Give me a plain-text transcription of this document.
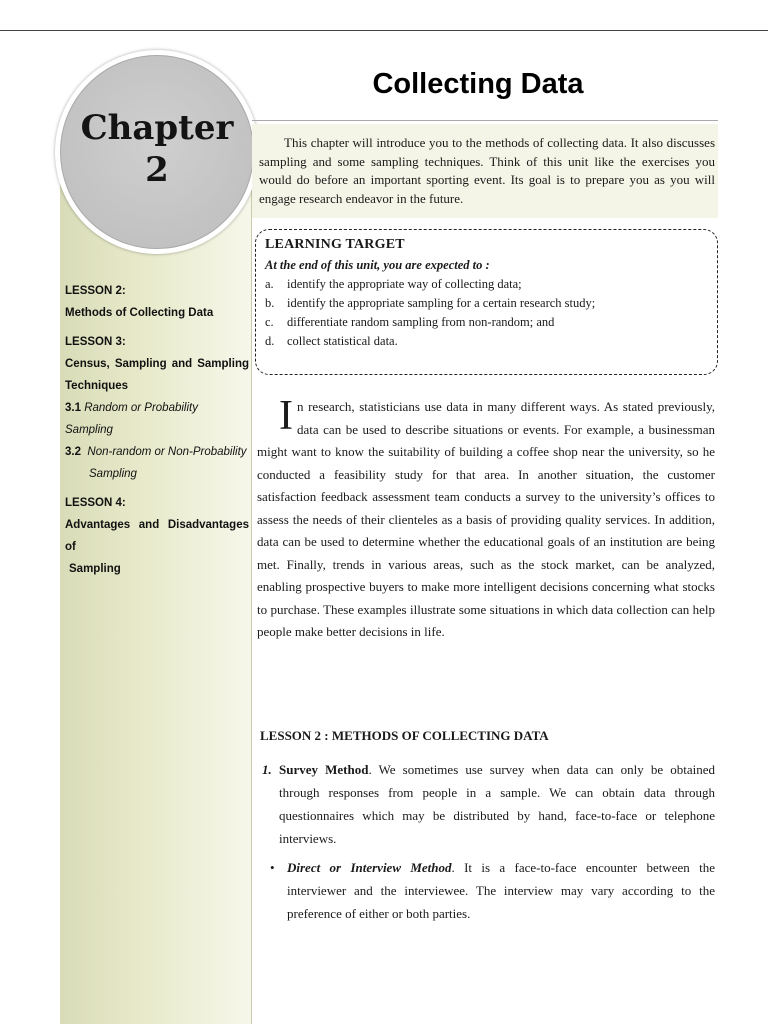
Chapter
2
LESSON 2:
Methods of Collecting Data
LESSON 3:
Census, Sampling and Sampling
Techniques
3.1 Random or Probability Sampling
3.2 Non-random or Non-Probability
Sampling
LESSON 4:
Advantages and Disadvantages of
Sampling
Collecting Data

This chapter will introduce you to the methods of collecting data. It also discusses sampling and some sampling techniques. Think of this unit like the exercises you would do before an important sporting event. Its goal is to prepare you as you will engage research endeavor in the future.

LEARNING TARGET
At the end of this unit, you are expected to :
a. identify the appropriate way of collecting data;
b. identify the appropriate sampling for a certain research study;
c. differentiate random sampling from non-random; and
d. collect statistical data.

In research, statisticians use data in many different ways. As stated previously, data can be used to describe situations or events. For example, a businessman might want to know the suitability of building a coffee shop near the university, so he conducted a feasibility study for that area. In another situation, the customer satisfaction feedback assessment team conducts a survey to the university’s offices to assess the needs of their clienteles as a basis of providing quality services. In addition, data can be used to determine whether the educational goals of an institution are being met. Finally, trends in various areas, such as the stock market, can be analyzed, enabling prospective buyers to make more intelligent decisions concerning what stocks to purchase. These examples illustrate some situations in which data collection can help people make better decisions in life.

LESSON 2 : METHODS OF COLLECTING DATA
1. Survey Method. We sometimes use survey when data can only be obtained through responses from people in a sample. We can obtain data through questionnaires which may be distributed by hand, face-to-face or telephone interviews.
• Direct or Interview Method. It is a face-to-face encounter between the interviewer and the interviewee. The interview may vary according to the preference of either or both parties.
